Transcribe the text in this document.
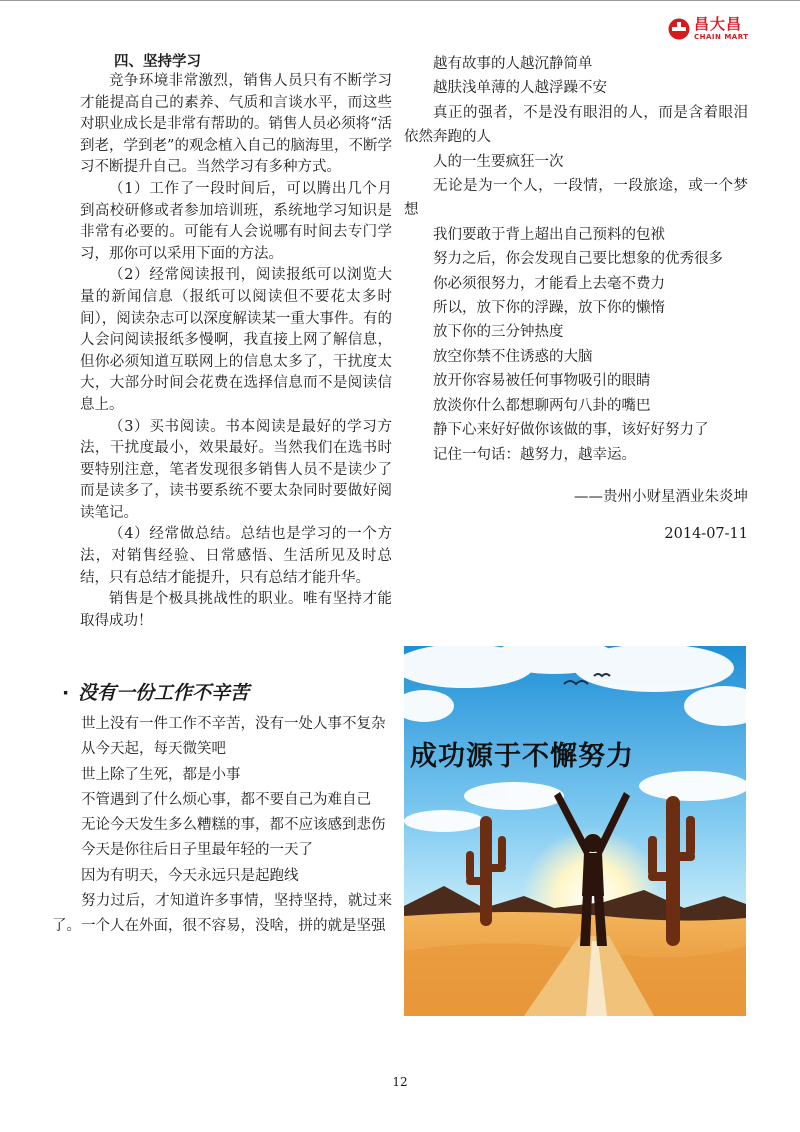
昌大昌
CHAIN MART
四、坚持学习

竞争环境非常激烈，销售人员只有不断学习才能提高自己的素养、气质和言谈水平，而这些对职业成长是非常有帮助的。销售人员必须将“活到老，学到老”的观念植入自己的脑海里，不断学习不断提升自己。当然学习有多种方式。

（1）工作了一段时间后，可以腾出几个月到高校研修或者参加培训班，系统地学习知识是非常有必要的。可能有人会说哪有时间去专门学习，那你可以采用下面的方法。

（2）经常阅读报刊，阅读报纸可以浏览大量的新闻信息（报纸可以阅读但不要花太多时间），阅读杂志可以深度解读某一重大事件。有的人会问阅读报纸多慢啊，我直接上网了解信息，但你必须知道互联网上的信息太多了，干扰度太大，大部分时间会花费在选择信息而不是阅读信息上。

（3）买书阅读。书本阅读是最好的学习方法，干扰度最小，效果最好。当然我们在选书时要特别注意，笔者发现很多销售人员不是读少了而是读多了，读书要系统不要太杂同时要做好阅读笔记。

（4）经常做总结。总结也是学习的一个方法，对销售经验、日常感悟、生活所见及时总结，只有总结才能提升，只有总结才能升华。

销售是个极具挑战性的职业。唯有坚持才能取得成功！

越有故事的人越沉静简单

越肤浅单薄的人越浮躁不安

真正的强者，不是没有眼泪的人，而是含着眼泪依然奔跑的人

人的一生要疯狂一次

无论是为一个人，一段情，一段旅途，或一个梦想

我们要敢于背上超出自己预料的包袱

努力之后，你会发现自己要比想象的优秀很多

你必须很努力，才能看上去毫不费力

所以，放下你的浮躁，放下你的懒惰

放下你的三分钟热度

放空你禁不住诱惑的大脑

放开你容易被任何事物吸引的眼睛

放淡你什么都想聊两句八卦的嘴巴

静下心来好好做你该做的事，该好好努力了

记住一句话：越努力，越幸运。

——贵州小财星酒业朱炎坤
2014-07-11
· 没有一份工作不辛苦

世上没有一件工作不辛苦，没有一处人事不复杂

从今天起，每天微笑吧

世上除了生死，都是小事

不管遇到了什么烦心事，都不要自己为难自己

无论今天发生多么糟糕的事，都不应该感到悲伤

今天是你往后日子里最年轻的一天了

因为有明天，今天永远只是起跑线

努力过后，才知道许多事情，坚持坚持，就过来了。一个人在外面，很不容易，没啥，拼的就是坚强

成功源于不懈努力
12
